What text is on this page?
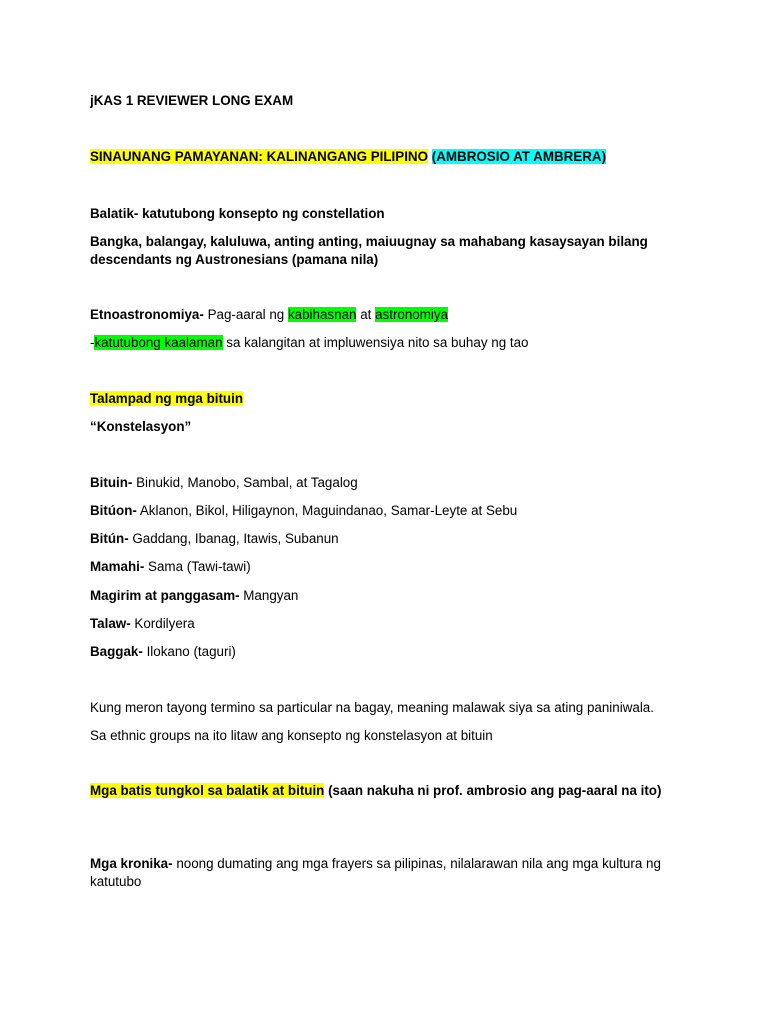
jKAS 1 REVIEWER LONG EXAM
SINAUNANG PAMAYANAN: KALINANGANG PILIPINO (AMBROSIO AT AMBRERA)
Balatik- katutubong konsepto ng constellation
Bangka, balangay, kaluluwa, anting anting, maiuugnay sa mahabang kasaysayan bilang descendants ng Austronesians (pamana nila)
Etnoastronomiya- Pag-aaral ng kabihasnan at astronomiya
-katutubong kaalaman sa kalangitan at impluwensiya nito sa buhay ng tao
Talampad ng mga bituin
“Konstelasyon”
Bituin- Binukid, Manobo, Sambal, at Tagalog
Bitúon- Aklanon, Bikol, Hiligaynon, Maguindanao, Samar-Leyte at Sebu
Bitún- Gaddang, Ibanag, Itawis, Subanun
Mamahi- Sama (Tawi-tawi)
Magirim at panggasam- Mangyan
Talaw- Kordilyera
Baggak- Ilokano (taguri)
Kung meron tayong termino sa particular na bagay, meaning malawak siya sa ating paniniwala.
Sa ethnic groups na ito litaw ang konsepto ng konstelasyon at bituin
Mga batis tungkol sa balatik at bituin (saan nakuha ni prof. ambrosio ang pag-aaral na ito)
Mga kronika- noong dumating ang mga frayers sa pilipinas, nilalarawan nila ang mga kultura ng katutubo
